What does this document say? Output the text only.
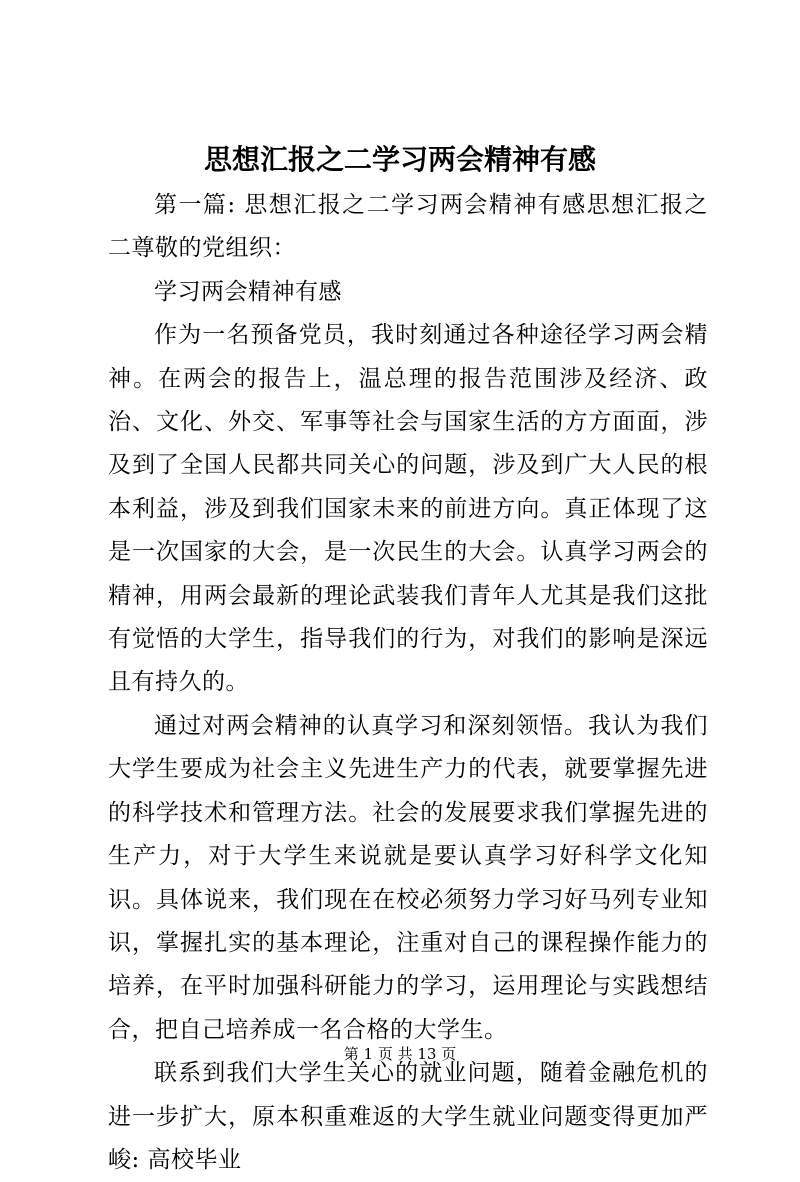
思想汇报之二学习两会精神有感

第一篇: 思想汇报之二学习两会精神有感思想汇报之二尊敬的党组织：

学习两会精神有感

作为一名预备党员，我时刻通过各种途径学习两会精神。在两会的报告上，温总理的报告范围涉及经济、政治、文化、外交、军事等社会与国家生活的方方面面，涉及到了全国人民都共同关心的问题，涉及到广大人民的根本利益，涉及到我们国家未来的前进方向。真正体现了这是一次国家的大会，是一次民生的大会。认真学习两会的精神，用两会最新的理论武装我们青年人尤其是我们这批有觉悟的大学生，指导我们的行为，对我们的影响是深远且有持久的。

通过对两会精神的认真学习和深刻领悟。我认为我们大学生要成为社会主义先进生产力的代表，就要掌握先进的科学技术和管理方法。社会的发展要求我们掌握先进的生产力，对于大学生来说就是要认真学习好科学文化知识。具体说来，我们现在在校必须努力学习好马列专业知识，掌握扎实的基本理论，注重对自己的课程操作能力的培养，在平时加强科研能力的学习，运用理论与实践想结合，把自己培养成一名合格的大学生。

联系到我们大学生关心的就业问题，随着金融危机的进一步扩大，原本积重难返的大学生就业问题变得更加严峻: 高校毕业

第 1 页 共 13 页
